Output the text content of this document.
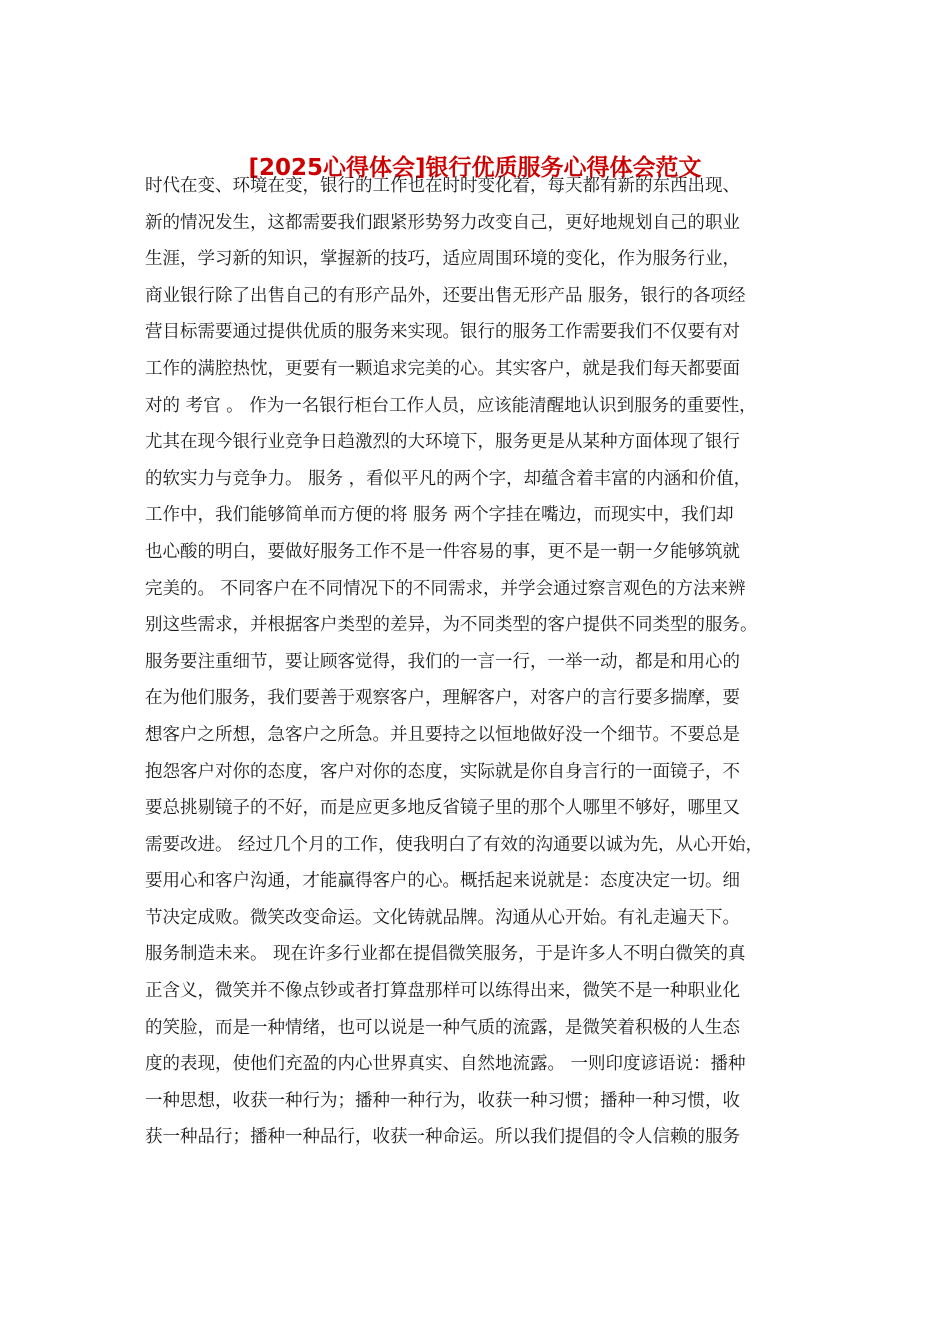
[2025心得体会]银行优质服务心得体会范文
时代在变、环境在变，银行的工作也在时时变化着，每天都有新的东西出现、
新的情况发生，这都需要我们跟紧形势努力改变自己，更好地规划自己的职业
生涯，学习新的知识，掌握新的技巧，适应周围环境的变化，作为服务行业，
商业银行除了出售自己的有形产品外，还要出售无形产品 服务，银行的各项经
营目标需要通过提供优质的服务来实现。银行的服务工作需要我们不仅要有对
工作的满腔热忱，更要有一颗追求完美的心。其实客户，就是我们每天都要面
对的 考官 。 作为一名银行柜台工作人员，应该能清醒地认识到服务的重要性，
尤其在现今银行业竞争日趋激烈的大环境下，服务更是从某种方面体现了银行
的软实力与竞争力。 服务 ，看似平凡的两个字，却蕴含着丰富的内涵和价值，
工作中，我们能够简单而方便的将 服务 两个字挂在嘴边，而现实中，我们却
也心酸的明白，要做好服务工作不是一件容易的事，更不是一朝一夕能够筑就
完美的。 不同客户在不同情况下的不同需求，并学会通过察言观色的方法来辨
别这些需求，并根据客户类型的差异，为不同类型的客户提供不同类型的服务。
服务要注重细节，要让顾客觉得，我们的一言一行，一举一动，都是和用心的
在为他们服务，我们要善于观察客户，理解客户，对客户的言行要多揣摩，要
想客户之所想，急客户之所急。并且要持之以恒地做好没一个细节。不要总是
抱怨客户对你的态度，客户对你的态度，实际就是你自身言行的一面镜子，不
要总挑剔镜子的不好，而是应更多地反省镜子里的那个人哪里不够好，哪里又
需要改进。 经过几个月的工作，使我明白了有效的沟通要以诚为先，从心开始，
要用心和客户沟通，才能赢得客户的心。概括起来说就是：态度决定一切。细
节决定成败。微笑改变命运。文化铸就品牌。沟通从心开始。有礼走遍天下。
服务制造未来。 现在许多行业都在提倡微笑服务，于是许多人不明白微笑的真
正含义，微笑并不像点钞或者打算盘那样可以练得出来，微笑不是一种职业化
的笑脸，而是一种情绪，也可以说是一种气质的流露，是微笑着积极的人生态
度的表现，使他们充盈的内心世界真实、自然地流露。 一则印度谚语说：播种
一种思想，收获一种行为；播种一种行为，收获一种习惯；播种一种习惯，收
获一种品行；播种一种品行，收获一种命运。所以我们提倡的令人信赖的服务
